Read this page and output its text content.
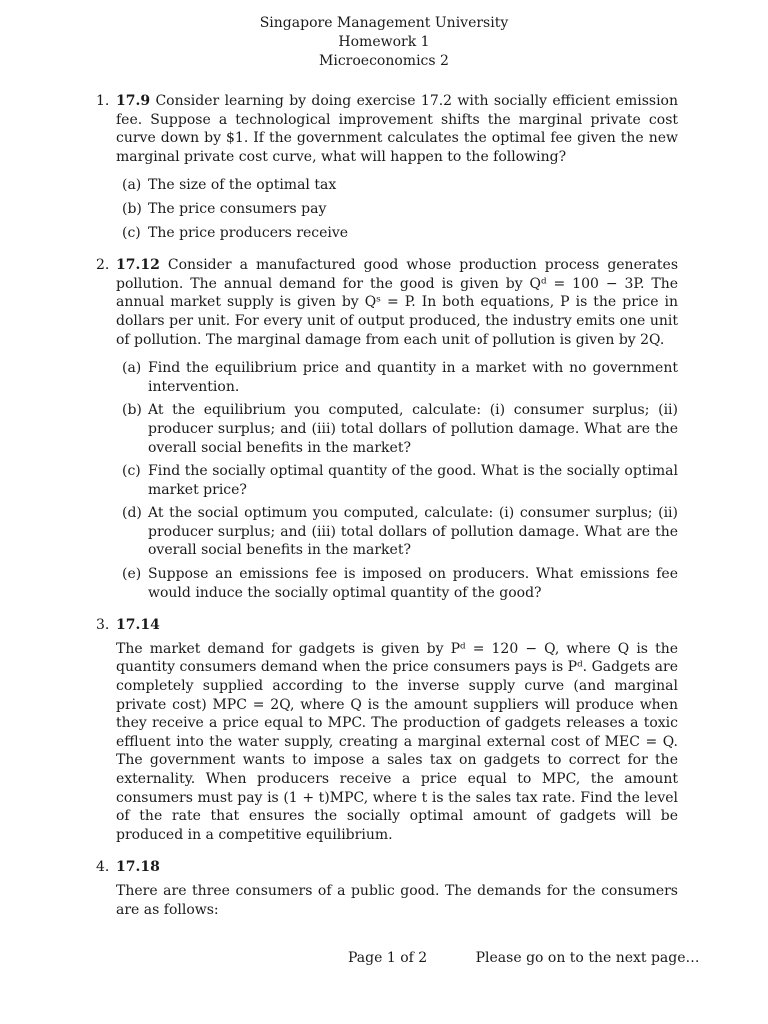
Singapore Management University
Homework 1
Microeconomics 2
1. 17.9 Consider learning by doing exercise 17.2 with socially efficient emission fee. Suppose a technological improvement shifts the marginal private cost curve down by $1. If the government calculates the optimal fee given the new marginal private cost curve, what will happen to the following?
(a) The size of the optimal tax
(b) The price consumers pay
(c) The price producers receive
2. 17.12 Consider a manufactured good whose production process generates pollution. The annual demand for the good is given by Qᵈ = 100 − 3P. The annual market supply is given by Qˢ = P. In both equations, P is the price in dollars per unit. For every unit of output produced, the industry emits one unit of pollution. The marginal damage from each unit of pollution is given by 2Q.
(a) Find the equilibrium price and quantity in a market with no government intervention.
(b) At the equilibrium you computed, calculate: (i) consumer surplus; (ii) producer surplus; and (iii) total dollars of pollution damage. What are the overall social benefits in the market?
(c) Find the socially optimal quantity of the good. What is the socially optimal market price?
(d) At the social optimum you computed, calculate: (i) consumer surplus; (ii) producer surplus; and (iii) total dollars of pollution damage. What are the overall social benefits in the market?
(e) Suppose an emissions fee is imposed on producers. What emissions fee would induce the socially optimal quantity of the good?
3. 17.14
The market demand for gadgets is given by Pᵈ = 120 − Q, where Q is the quantity consumers demand when the price consumers pays is Pᵈ. Gadgets are completely supplied according to the inverse supply curve (and marginal private cost) MPC = 2Q, where Q is the amount suppliers will produce when they receive a price equal to MPC. The production of gadgets releases a toxic effluent into the water supply, creating a marginal external cost of MEC = Q. The government wants to impose a sales tax on gadgets to correct for the externality. When producers receive a price equal to MPC, the amount consumers must pay is (1 + t)MPC, where t is the sales tax rate. Find the level of the rate that ensures the socially optimal amount of gadgets will be produced in a competitive equilibrium.
4. 17.18
There are three consumers of a public good. The demands for the consumers are as follows:
Page 1 of 2	Please go on to the next page…
